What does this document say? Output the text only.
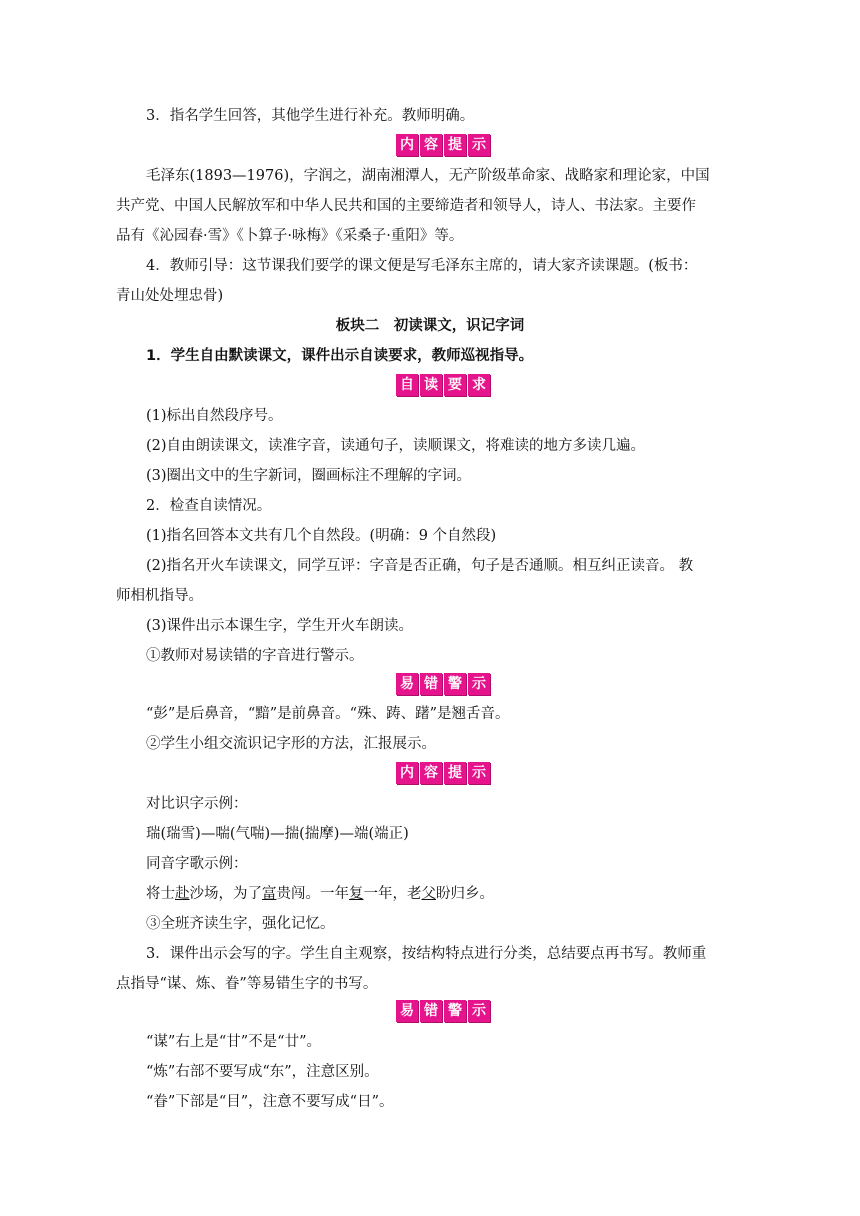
3．指名学生回答，其他学生进行补充。教师明确。
内 容 提 示
毛泽东(1893—1976)，字润之，湖南湘潭人，无产阶级革命家、战略家和理论家，中国
共产党、中国人民解放军和中华人民共和国的主要缔造者和领导人，诗人、书法家。主要作
品有《沁园春·雪》《卜算子·咏梅》《采桑子·重阳》等。
4．教师引导：这节课我们要学的课文便是写毛泽东主席的，请大家齐读课题。(板书：
青山处处埋忠骨)
板块二　初读课文，识记字词
1．学生自由默读课文，课件出示自读要求，教师巡视指导。
自 读 要 求
(1)标出自然段序号。
(2)自由朗读课文，读准字音，读通句子，读顺课文，将难读的地方多读几遍。
(3)圈出文中的生字新词，圈画标注不理解的字词。
2．检查自读情况。
(1)指名回答本文共有几个自然段。(明确：9 个自然段)
(2)指名开火车读课文，同学互评：字音是否正确，句子是否通顺。相互纠正读音。 教
师相机指导。
(3)课件出示本课生字，学生开火车朗读。
①教师对易读错的字音进行警示。
易 错 警 示
“彭”是后鼻音，“黯”是前鼻音。“殊、踌、躇”是翘舌音。
②学生小组交流识记字形的方法，汇报展示。
内 容 提 示
对比识字示例：
瑞(瑞雪)—喘(气喘)—揣(揣摩)—端(端正)
同音字歌示例：
将士赴沙场，为了富贵闯。一年复一年，老父盼归乡。
③全班齐读生字，强化记忆。
3．课件出示会写的字。学生自主观察，按结构特点进行分类，总结要点再书写。教师重
点指导“谋、炼、眷”等易错生字的书写。
易 错 警 示
“谋”右上是“甘”不是“廿”。
“炼”右部不要写成“东”，注意区别。
“眷”下部是“目”，注意不要写成“日”。
